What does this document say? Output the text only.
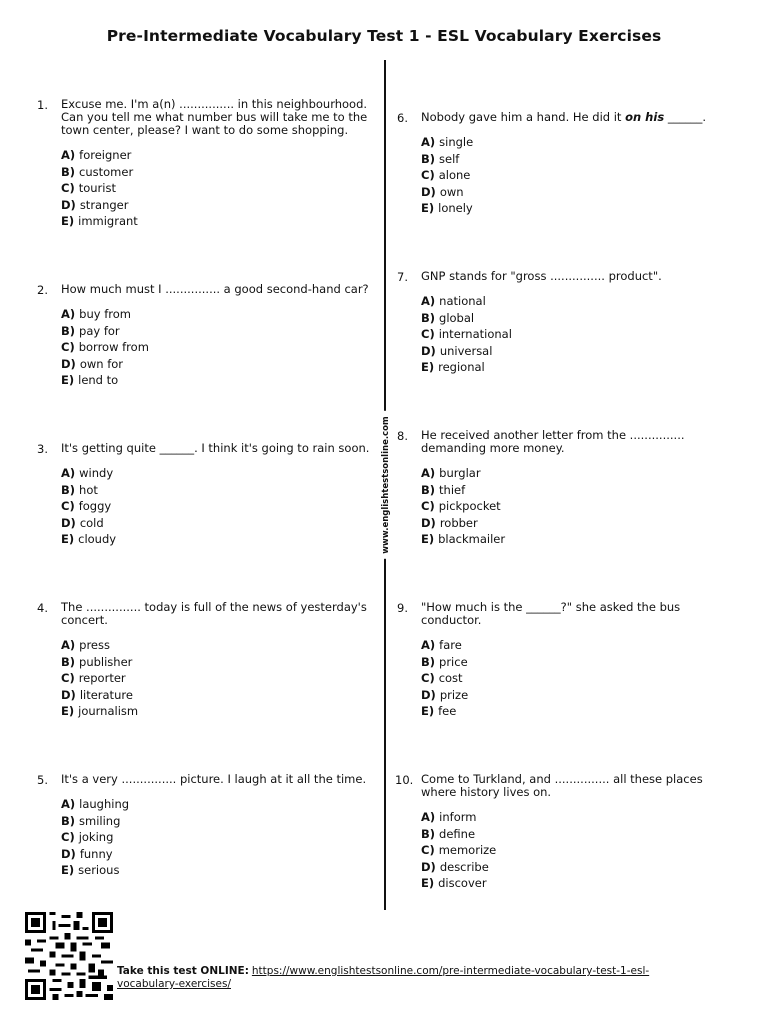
Pre-Intermediate Vocabulary Test 1 - ESL Vocabulary Exercises
www.englishtestsonline.com
1. Excuse me. I'm a(n) ............... in this neighbourhood. Can you tell me what number bus will take me to the town center, please? I want to do some shopping.
A) foreigner
B) customer
C) tourist
D) stranger
E) immigrant
2. How much must I ............... a good second-hand car?
A) buy from
B) pay for
C) borrow from
D) own for
E) lend to
3. It's getting quite ______. I think it's going to rain soon.
A) windy
B) hot
C) foggy
D) cold
E) cloudy
4. The ............... today is full of the news of yesterday's concert.
A) press
B) publisher
C) reporter
D) literature
E) journalism
5. It's a very ............... picture. I laugh at it all the time.
A) laughing
B) smiling
C) joking
D) funny
E) serious
6. Nobody gave him a hand. He did it on his ______.
A) single
B) self
C) alone
D) own
E) lonely
7. GNP stands for "gross ............... product".
A) national
B) global
C) international
D) universal
E) regional
8. He received another letter from the ............... demanding more money.
A) burglar
B) thief
C) pickpocket
D) robber
E) blackmailer
9. "How much is the ______?" she asked the bus conductor.
A) fare
B) price
C) cost
D) prize
E) fee
10. Come to Turkland, and ............... all these places where history lives on.
A) inform
B) define
C) memorize
D) describe
E) discover
Take this test ONLINE: https://www.englishtestsonline.com/pre-intermediate-vocabulary-test-1-esl-vocabulary-exercises/
